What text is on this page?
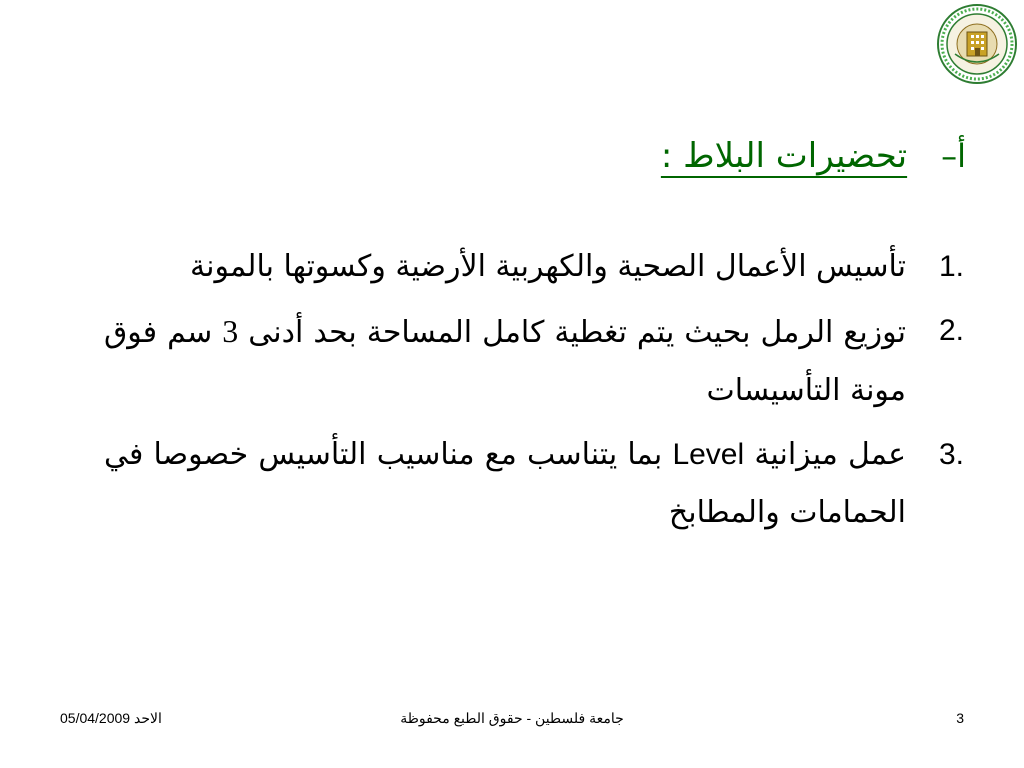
أ–
تحضيرات البلاط :
1.
تأسيس الأعمال الصحية والكهربية الأرضية وكسوتها بالمونة
2.
توزيع الرمل بحيث يتم تغطية كامل المساحة بحد أدنى 3 سم فوق مونة التأسيسات
3.
عمل ميزانية Level بما يتناسب مع مناسيب التأسيس خصوصا في الحمامات والمطابخ
الاحد 05/04/2009	جامعة فلسطين - حقوق الطبع محفوظة	3
